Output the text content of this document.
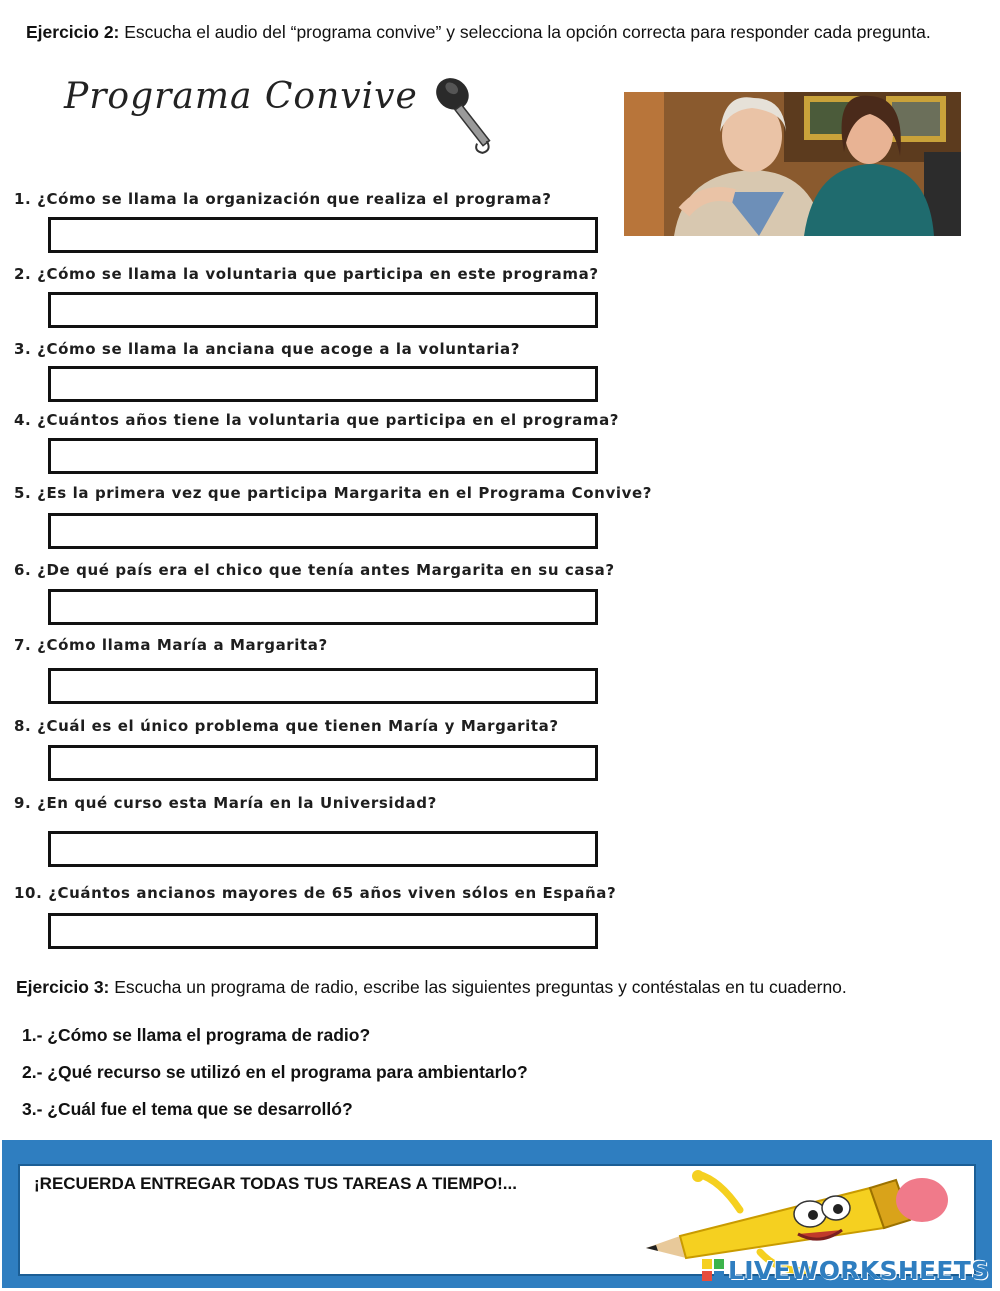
Ejercicio 2: Escucha el audio del “programa convive” y selecciona la opción correcta para responder cada pregunta.
Programa Convive
1. ¿Cómo se llama la organización que realiza el programa?
2. ¿Cómo se llama la voluntaria que participa en este programa?
3. ¿Cómo se llama la anciana que acoge a la voluntaria?
4. ¿Cuántos años tiene la voluntaria que participa en el programa?
5. ¿Es la primera vez que participa Margarita en el Programa Convive?
6. ¿De qué país era el chico que tenía antes Margarita en su casa?
7. ¿Cómo llama María a Margarita?
8. ¿Cuál es el único problema que tienen María y Margarita?
9. ¿En qué curso esta María en la Universidad?
10. ¿Cuántos ancianos mayores de 65 años viven sólos en España?
Ejercicio 3: Escucha un programa de radio, escribe las siguientes preguntas y contéstalas en tu cuaderno.
1.- ¿Cómo se llama el programa de radio?
2.- ¿Qué recurso se utilizó en el programa para ambientarlo?
3.- ¿Cuál fue el tema que se desarrolló?
¡RECUERDA ENTREGAR TODAS TUS TAREAS A TIEMPO!...
LIVEWORKSHEETS
